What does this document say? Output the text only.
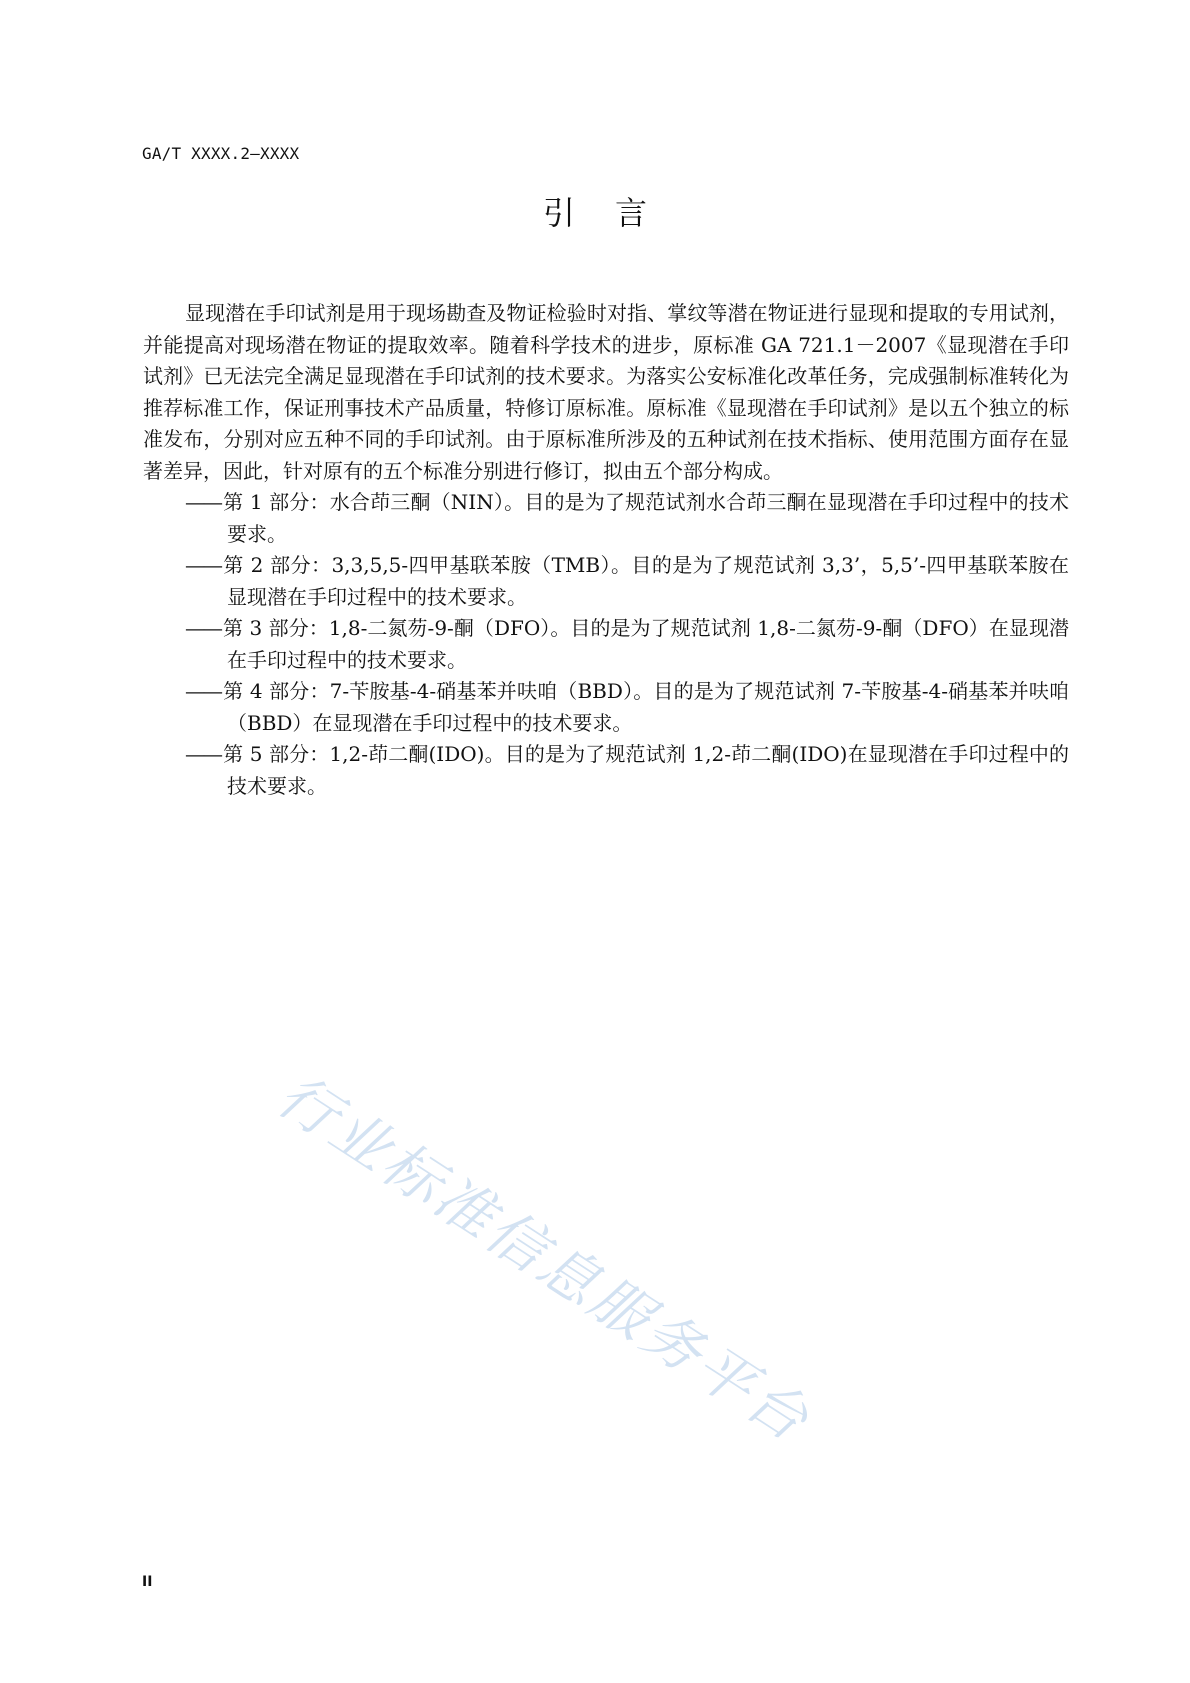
GA/T XXXX.2—XXXX
引言

显现潜在手印试剂是用于现场勘查及物证检验时对指、掌纹等潜在物证进行显现和提取的专用试剂，并能提高对现场潜在物证的提取效率。随着科学技术的进步，原标准 GA 721.1－2007《显现潜在手印试剂》已无法完全满足显现潜在手印试剂的技术要求。为落实公安标准化改革任务，完成强制标准转化为推荐标准工作，保证刑事技术产品质量，特修订原标准。原标准《显现潜在手印试剂》是以五个独立的标准发布，分别对应五种不同的手印试剂。由于原标准所涉及的五种试剂在技术指标、使用范围方面存在显著差异，因此，针对原有的五个标准分别进行修订，拟由五个部分构成。

—— 第 1 部分：水合茚三酮（NIN）。目的是为了规范试剂水合茚三酮在显现潜在手印过程中的技术要求。
—— 第 2 部分：3,3,5,5-四甲基联苯胺（TMB）。目的是为了规范试剂 3,3’，5,5’-四甲基联苯胺在显现潜在手印过程中的技术要求。
—— 第 3 部分：1,8-二氮芴-9-酮（DFO）。目的是为了规范试剂 1,8-二氮芴-9-酮（DFO）在显现潜在手印过程中的技术要求。
—— 第 4 部分：7-苄胺基-4-硝基苯并呋咱（BBD）。目的是为了规范试剂 7-苄胺基-4-硝基苯并呋咱（BBD）在显现潜在手印过程中的技术要求。
—— 第 5 部分：1,2-茚二酮(IDO)。目的是为了规范试剂 1,2-茚二酮(IDO)在显现潜在手印过程中的技术要求。
行业标准信息服务平台
II
